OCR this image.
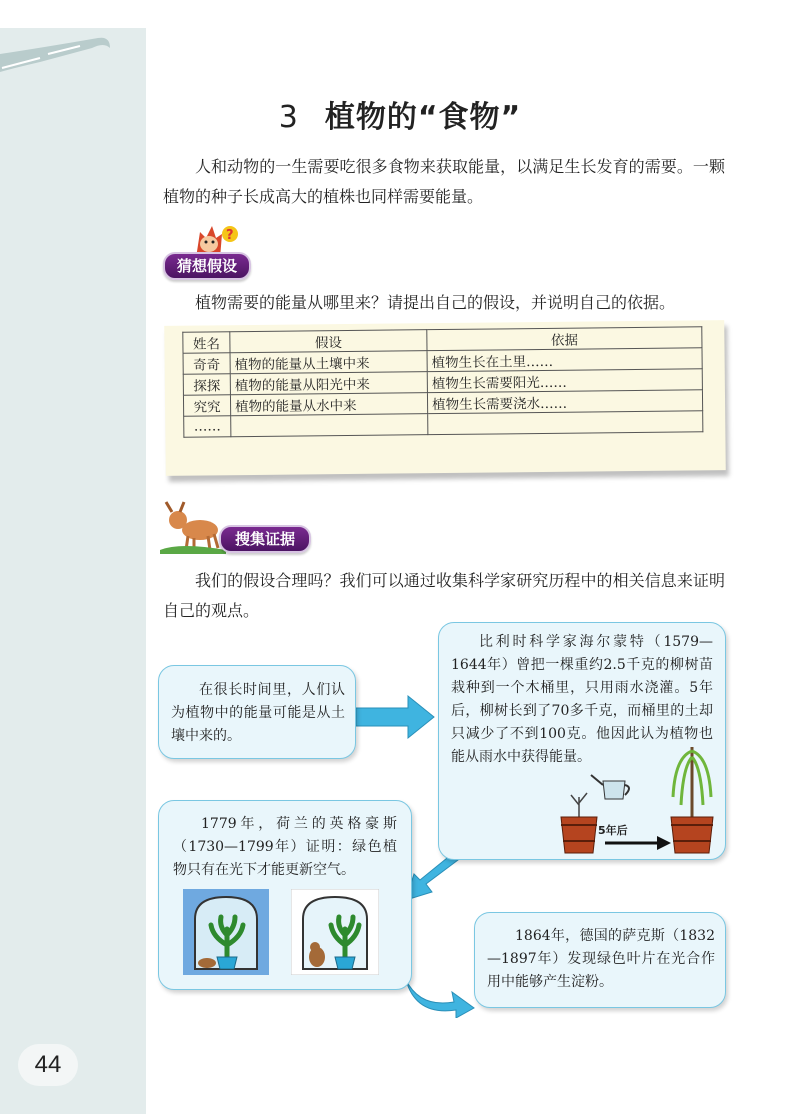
44
3 植物的“食物”
人和动物的一生需要吃很多食物来获取能量，以满足生长发育的需要。一颗植物的种子长成高大的植株也同样需要能量。
?
猜想假设
植物需要的能量从哪里来？请提出自己的假设，并说明自己的依据。
姓名	假设	依据
奇奇	植物的能量从土壤中来	植物生长在土里……
探探	植物的能量从阳光中来	植物生长需要阳光……
究究	植物的能量从水中来	植物生长需要浇水……
……		
搜集证据
我们的假设合理吗？我们可以通过收集科学家研究历程中的相关信息来证明自己的观点。

在很长时间里，人们认为植物中的能量可能是从土壤中来的。

比利时科学家海尔蒙特（1579—1644年）曾把一棵重约2.5千克的柳树苗栽种到一个木桶里，只用雨水浇灌。5年后，柳树长到了70多千克，而桶里的土却只减少了不到100克。他因此认为植物也能从雨水中获得能量。

5年后

1779年，荷兰的英格豪斯（1730—1799年）证明：绿色植物只有在光下才能更新空气。

1864年，德国的萨克斯（1832—1897年）发现绿色叶片在光合作用中能够产生淀粉。
